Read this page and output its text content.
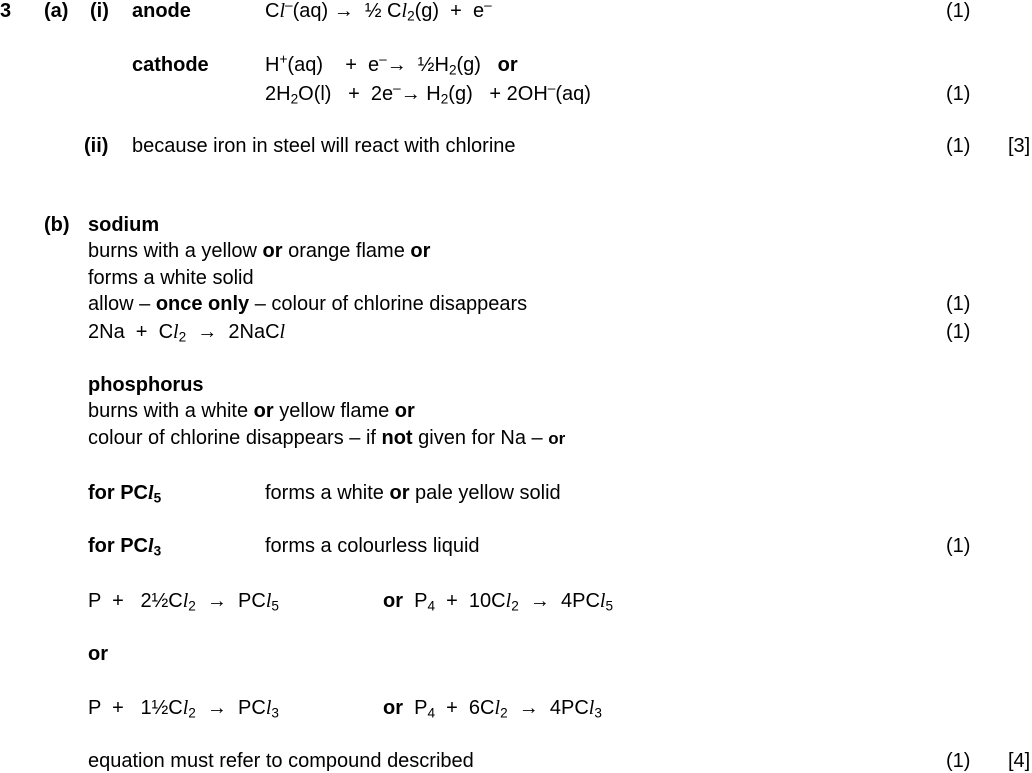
3 (a) (i) anode	Cl–(aq) →  ½ $Cl_2(g) + e^-$	(1)
cathode	H+(aq)    +  $e^-\to \frac{1}{2}H_2(g)$   or
$2H_2O(l) + 2e^-\to H_2(g) + 2OH^-(aq)$	(1)
(ii) because iron in steel will react with chlorine	(1) [3]
(b) sodium
burns with a yellow or orange flame or
forms a white solid
allow – once only – colour of chlorine disappears	(1)
$2Na + Cl_2$  →  2NaCl	(1)
phosphorus
burns with a white or yellow flame or
colour of chlorine disappears – if not given for Na – or
for PCl$_5$	forms a white or pale yellow solid
for PCl$_3$	forms a colourless liquid	(1)
$P + 2\frac{1}{2}Cl_2 \to PCl_5$	or  $P_4 + 10Cl_2 \to 4PCl_5$
or
$P + 1\frac{1}{2}Cl_2 \to PCl_3$	or  $P_4 + 6Cl_2 \to 4PCl_3$
equation must refer to compound described	(1) [4]
